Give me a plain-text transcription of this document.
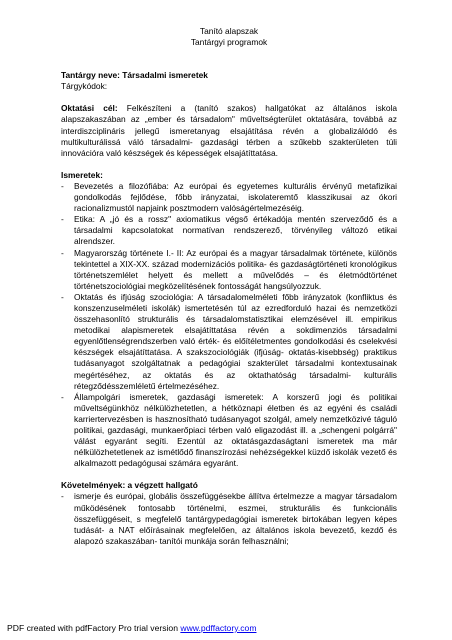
Tanító alapszak
Tantárgyi programok
Tantárgy neve: Társadalmi ismeretek
Tárgykódok:
Oktatási cél: Felkészíteni a (tanító szakos) hallgatókat az általános iskola alapszakaszában az „ember és társadalom" műveltségterület oktatására, továbbá az interdiszciplináris jellegű ismeretanyag elsajátítása révén a globalizálódó és multikulturálissá váló társadalmi- gazdasági térben a szűkebb szakterületen túli innovációra való készségek és képességek elsajátíttatása.
Ismeretek:
- Bevezetés a filozófiába: Az európai és egyetemes kulturális érvényű metafizikai gondolkodás fejlődése, főbb irányzatai, iskolateremtő klasszikusai az ókori racionalizmustól napjaink posztmodern valóságértelmezéséig.
- Etika: A „jó és a rossz" axiomatikus végső értékadója mentén szerveződő és a társadalmi kapcsolatokat normatívan rendszerező, törvényileg változó etikai alrendszer.
- Magyarország története I.- II: Az európai és a magyar társadalmak története, különös tekintettel a XIX-XX. század modernizációs politika- és gazdaságtörténeti kronológikus történetszemlélet helyett és mellett a művelődés – és életmódtörténet történetszociológiai megközelítésének fontosságát hangsúlyozzuk.
- Oktatás és ifjúság szociológia: A társadalomelméleti főbb irányzatok (konfliktus és konszenzuselméleti iskolák) ismertetésén túl az ezredforduló hazai és nemzetközi összehasonlító strukturális és társadalomstatisztikai elemzésével ill. empirikus metodikai alapismeretek elsajátíttatása révén a sokdimenziós társadalmi egyenlőtlenségrendszerben való érték- és előítéletmentes gondolkodási és cselekvési készségek elsajátíttatása. A szakszociológiák (ifjúság- oktatás-kisebbség) praktikus tudásanyagot szolgáltatnak a pedagógiai szakterület társadalmi kontextusainak megértéséhez, az oktatás és az oktathatóság társadalmi- kulturális rétegződésszemléletű értelmezéséhez.
- Állampolgári ismeretek, gazdasági ismeretek: A korszerű jogi és politikai műveltségünkhöz nélkülözhetetlen, a hétköznapi életben és az egyéni és családi karriertervezésben is hasznosítható tudásanyagot szolgál, amely nemzetközivé táguló politikai, gazdasági, munkaerőpiaci térben való eligazodást ill. a „schengeni polgárrá" válást egyaránt segíti. Ezentúl az oktatásgazdaságtani ismeretek ma már nélkülözhetetlenek az ismétlődő finanszírozási nehézségekkel küzdő iskolák vezető és alkalmazott pedagógusai számára egyaránt.
Követelmények: a végzett hallgató
- ismerje és európai, globális összefüggésekbe állítva értelmezze a magyar társadalom működésének fontosabb történelmi, eszmei, strukturális és funkcionális összefüggéseit, s megfelelő tantárgypedagógiai ismeretek birtokában legyen képes tudását- a NAT előírásainak megfelelően, az általános iskola bevezető, kezdő és alapozó szakaszában- tanítói munkája során felhasználni;
PDF created with pdfFactory Pro trial version www.pdffactory.com
